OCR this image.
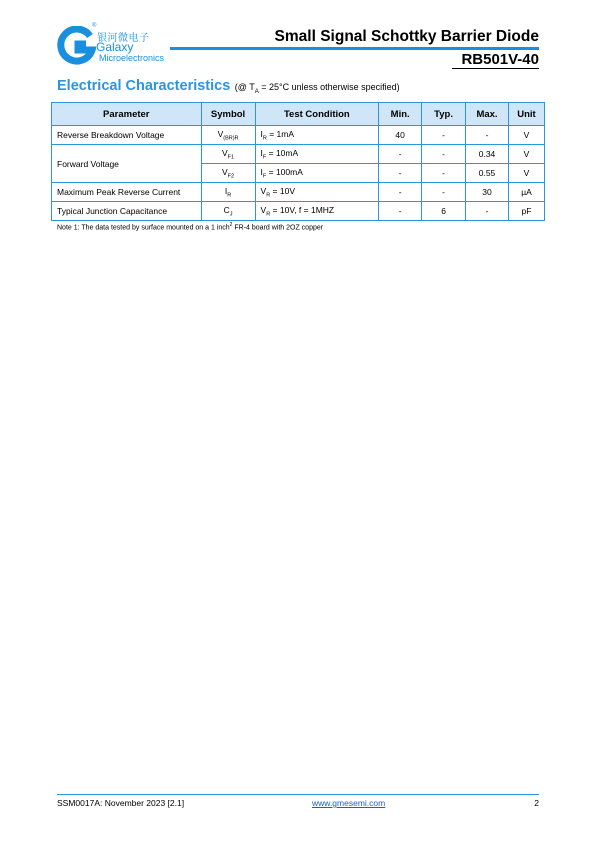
®
银河微电子
Galaxy
Microelectronics
Small Signal Schottky Barrier Diode
RB501V-40
Electrical Characteristics (@ $T_A = 25^\circ C$ unless otherwise specified)
Parameter	Symbol	Test Condition	Min.	Typ.	Max.	Unit
Reverse Breakdown Voltage	$V_{(BR)R}$	$I_R = 1mA$	40	-	-	V
Forward Voltage	$V_{F1}$	$I_F = 10mA$	-	-	0.34	V
	$V_{F2}$	$I_F = 100mA$	-	-	0.55	V
Maximum Peak Reverse Current	$I_R$	$V_R = 10V$	-	-	30	µA
Typical Junction Capacitance	$C_J$	$V_R = 10V$, f = 1MHZ	-	6	-	pF
Note 1: The data tested by surface mounted on a 1 inch$^2$ FR-4 board with 2OZ copper
SSM0017A: November 2023 [2.1]	www.gmesemi.com	2
